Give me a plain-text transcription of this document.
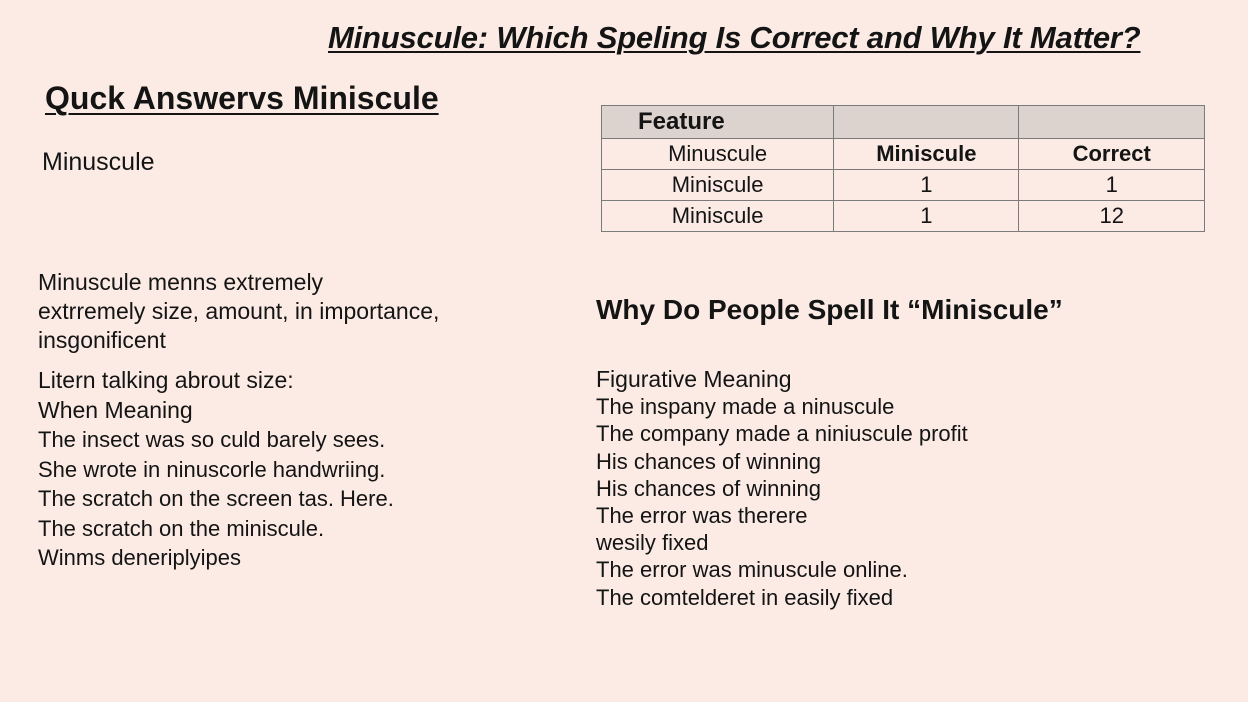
Minuscule: Which Speling Is Correct and Why It Matter?
Quck Answervs Miniscule
Minuscule
Feature		
Minuscule	Miniscule	Correct
Miniscule	1	1
Miniscule	1	12
Minuscule menns extremely
extrremely size, amount, in importance,
insgonificent
Litern talking abrout size:
When Meaning
The insect was so culd barely sees.
She wrote in ninuscorle handwriing.
The scratch on the screen tas. Here.
The scratch on the miniscule.
Winms deneriplyipes
Why Do People Spell It “Miniscule”
Figurative Meaning
The inspany made a ninuscule
The company made a niniuscule profit
His chances of winning
His chances of winning
The error was therere
wesily fixed
The error was minuscule online.
The comtelderet in easily fixed
